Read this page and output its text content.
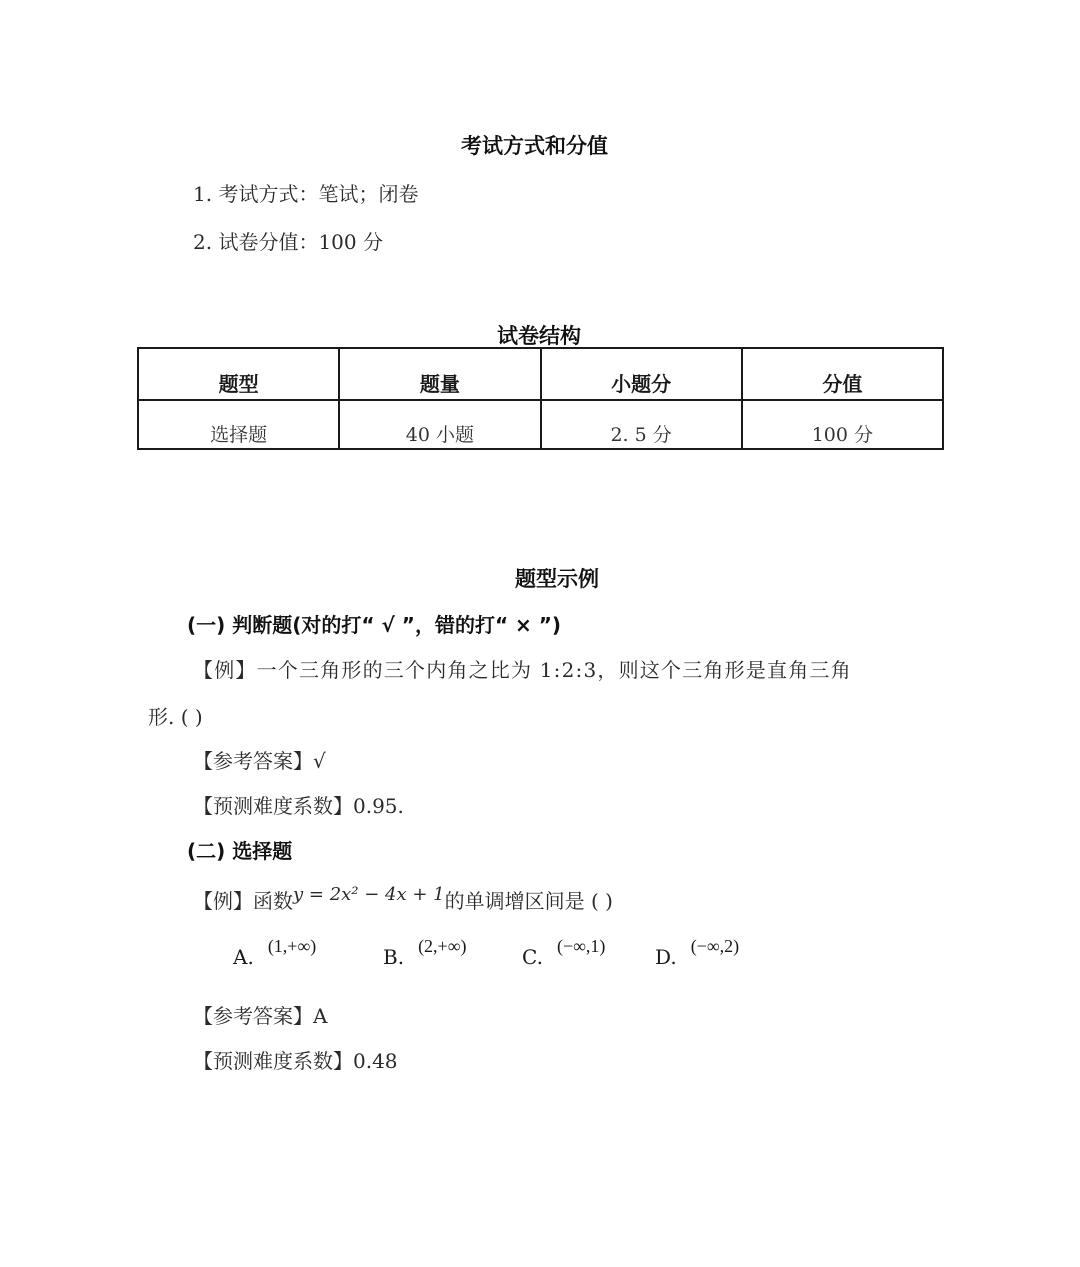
考试方式和分值
1. 考试方式：笔试；闭卷
2. 试卷分值：100 分
试卷结构
题型	题量	小题分	分值
选择题	40 小题	2. 5 分	100 分
题型示例
(一) 判断题(对的打“ √ ”，错的打“ × ”)
【例】一个三角形的三个内角之比为 1:2:3，则这个三角形是直角三角
形. ( )
【参考答案】√
【预测难度系数】0.95.
(二) 选择题
【例】函数y = 2x² − 4x + 1的单调增区间是 ( )
A. (1,+∞)	B. (2,+∞)	C. (−∞,1) D. (−∞,2)
【参考答案】A
【预测难度系数】0.48
